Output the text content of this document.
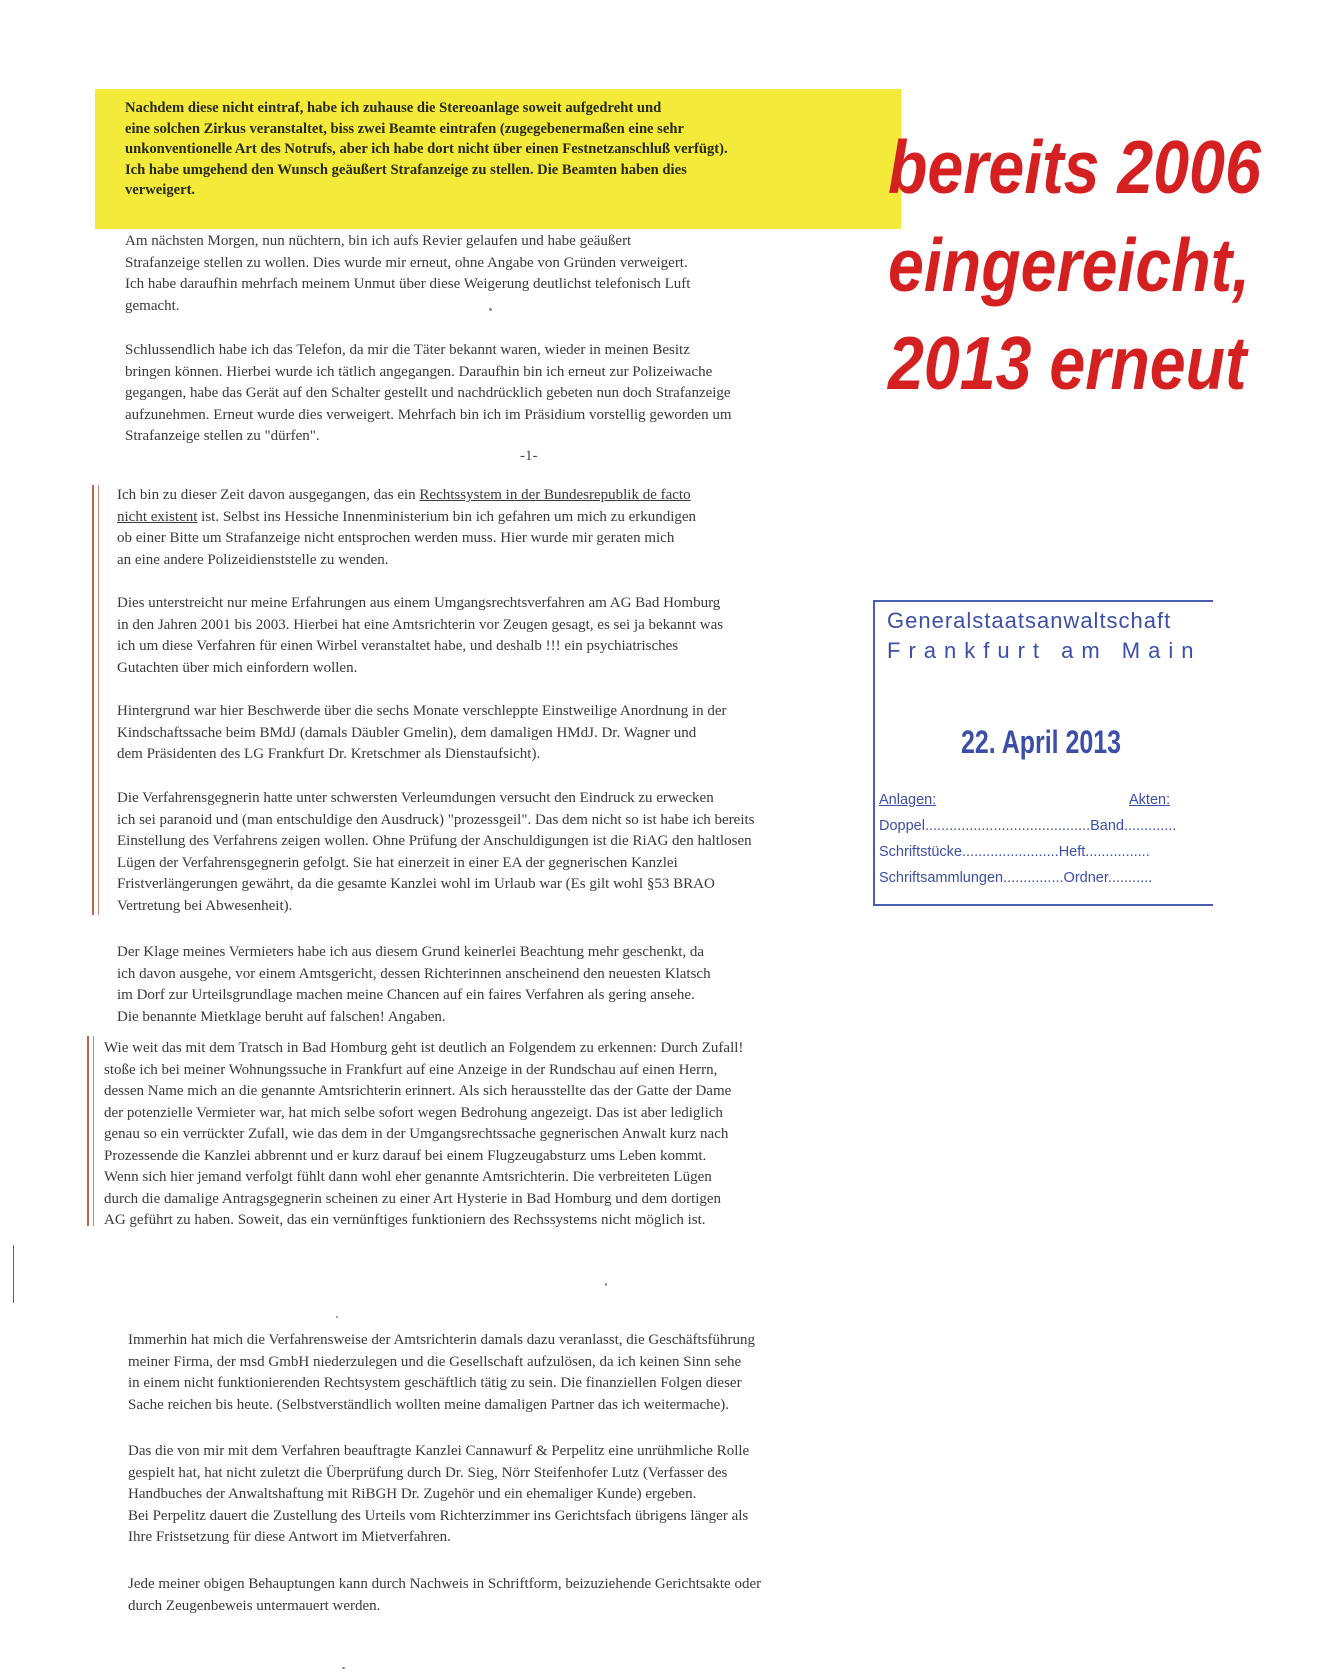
Nachdem diese nicht eintraf, habe ich zuhause die Stereoanlage soweit aufgedreht und
eine solchen Zirkus veranstaltet, biss zwei Beamte eintrafen (zugegebenermaßen eine sehr
unkonventionelle Art des Notrufs, aber ich habe dort nicht über einen Festnetzanschluß verfügt).
Ich habe umgehend den Wunsch geäußert Strafanzeige zu stellen. Die Beamten haben dies
verweigert.	bereits 2006
eingereicht,
2013 erneut

Am nächsten Morgen, nun nüchtern, bin ich aufs Revier gelaufen und habe geäußert
Strafanzeige stellen zu wollen. Dies wurde mir erneut, ohne Angabe von Gründen verweigert.
Ich habe daraufhin mehrfach meinem Unmut über diese Weigerung deutlichst telefonisch Luft
gemacht.

Schlussendlich habe ich das Telefon, da mir die Täter bekannt waren, wieder in meinen Besitz
bringen können. Hierbei wurde ich tätlich angegangen. Daraufhin bin ich erneut zur Polizeiwache
gegangen, habe das Gerät auf den Schalter gestellt und nachdrücklich gebeten nun doch Strafanzeige
aufzunehmen. Erneut wurde dies verweigert. Mehrfach bin ich im Präsidium vorstellig geworden um
Strafanzeige stellen zu "dürfen".

-1-

Ich bin zu dieser Zeit davon ausgegangen, das ein Rechtssystem in der Bundesrepublik de facto
nicht existent ist. Selbst ins Hessiche Innenministerium bin ich gefahren um mich zu erkundigen
ob einer Bitte um Strafanzeige nicht entsprochen werden muss. Hier wurde mir geraten mich
an eine andere Polizeidienststelle zu wenden.

Dies unterstreicht nur meine Erfahrungen aus einem Umgangsrechtsverfahren am AG Bad Homburg
in den Jahren 2001 bis 2003. Hierbei hat eine Amtsrichterin vor Zeugen gesagt, es sei ja bekannt was
ich um diese Verfahren für einen Wirbel veranstaltet habe, und deshalb !!! ein psychiatrisches
Gutachten über mich einfordern wollen.

Hintergrund war hier Beschwerde über die sechs Monate verschleppte Einstweilige Anordnung in der
Kindschaftssache beim BMdJ (damals Däubler Gmelin), dem damaligen HMdJ. Dr. Wagner und
dem Präsidenten des LG Frankfurt Dr. Kretschmer als Dienstaufsicht).

Die Verfahrensgegnerin hatte unter schwersten Verleumdungen versucht den Eindruck zu erwecken
ich sei paranoid und (man entschuldige den Ausdruck) "prozessgeil". Das dem nicht so ist habe ich bereits
Einstellung des Verfahrens zeigen wollen. Ohne Prüfung der Anschuldigungen ist die RiAG den haltlosen
Lügen der Verfahrensgegnerin gefolgt. Sie hat einerzeit in einer EA der gegnerischen Kanzlei
Fristverlängerungen gewährt, da die gesamte Kanzlei wohl im Urlaub war (Es gilt wohl §53 BRAO
Vertretung bei Abwesenheit).

Der Klage meines Vermieters habe ich aus diesem Grund keinerlei Beachtung mehr geschenkt, da
ich davon ausgehe, vor einem Amtsgericht, dessen Richterinnen anscheinend den neuesten Klatsch
im Dorf zur Urteilsgrundlage machen meine Chancen auf ein faires Verfahren als gering ansehe.
Die benannte Mietklage beruht auf falschen! Angaben.

Wie weit das mit dem Tratsch in Bad Homburg geht ist deutlich an Folgendem zu erkennen: Durch Zufall!
stoße ich bei meiner Wohnungssuche in Frankfurt auf eine Anzeige in der Rundschau auf einen Herrn,
dessen Name mich an die genannte Amtsrichterin erinnert. Als sich herausstellte das der Gatte der Dame
der potenzielle Vermieter war, hat mich selbe sofort wegen Bedrohung angezeigt. Das ist aber lediglich
genau so ein verrückter Zufall, wie das dem in der Umgangsrechtssache gegnerischen Anwalt kurz nach
Prozessende die Kanzlei abbrennt und er kurz darauf bei einem Flugzeugabsturz ums Leben kommt.
Wenn sich hier jemand verfolgt fühlt dann wohl eher genannte Amtsrichterin. Die verbreiteten Lügen
durch die damalige Antragsgegnerin scheinen zu einer Art Hysterie in Bad Homburg und dem dortigen
AG geführt zu haben. Soweit, das ein vernünftiges funktioniern des Rechssystems nicht möglich ist.

Immerhin hat mich die Verfahrensweise der Amtsrichterin damals dazu veranlasst, die Geschäftsführung
meiner Firma, der msd GmbH niederzulegen und die Gesellschaft aufzulösen, da ich keinen Sinn sehe
in einem nicht funktionierenden Rechtsystem geschäftlich tätig zu sein. Die finanziellen Folgen dieser
Sache reichen bis heute. (Selbstverständlich wollten meine damaligen Partner das ich weitermache).

Das die von mir mit dem Verfahren beauftragte Kanzlei Cannawurf & Perpelitz eine unrühmliche Rolle
gespielt hat, hat nicht zuletzt die Überprüfung durch Dr. Sieg, Nörr Steifenhofer Lutz (Verfasser des
Handbuches der Anwaltshaftung mit RiBGH Dr. Zugehör und ein ehemaliger Kunde) ergeben.
Bei Perpelitz dauert die Zustellung des Urteils vom Richterzimmer ins Gerichtsfach übrigens länger als
Ihre Fristsetzung für diese Antwort im Mietverfahren.

Jede meiner obigen Behauptungen kann durch Nachweis in Schriftform, beizuziehende Gerichtsakte oder
durch Zeugenbeweis untermauert werden.

Generalstaatsanwaltschaft
Frankfurt am Main
22. April 2013
Anlagen:	Akten:
Doppel.........................................Band.............
Schriftstücke........................Heft................
Schriftsammlungen...............Ordner...........
